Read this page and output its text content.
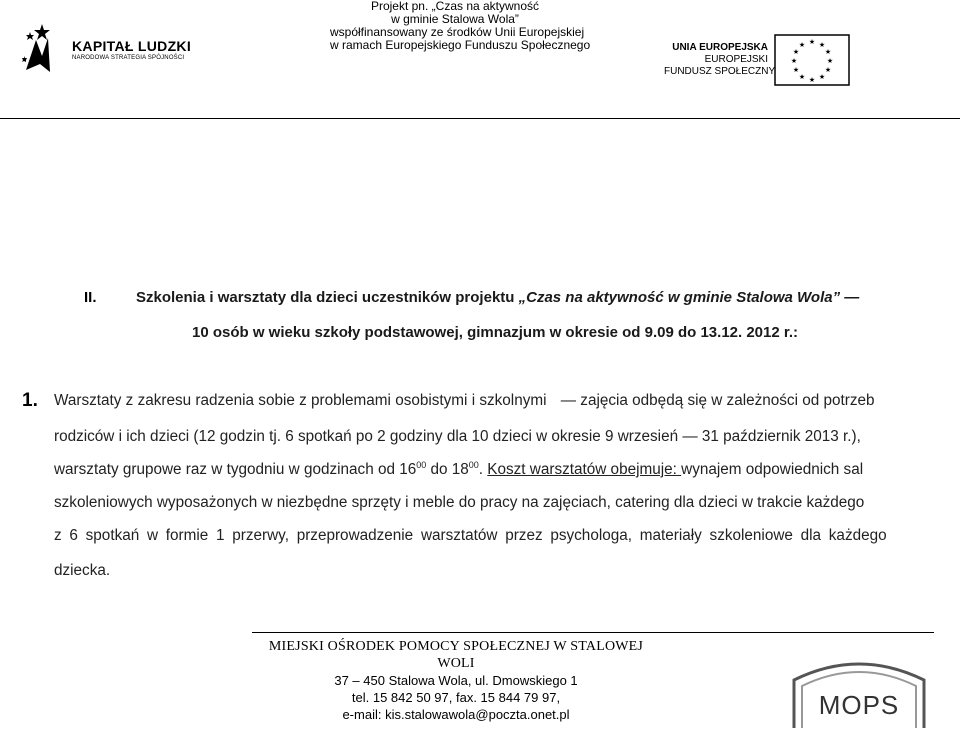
Projekt pn. „Czas na aktywność
w gminie Stalowa Wola”
współfinansowany ze środków Unii Europejskiej
w ramach Europejskiego Funduszu Społecznego
KAPITAŁ LUDZKI
NARODOWA STRATEGIA SPÓJNOŚCI
UNIA EUROPEJSKA
EUROPEJSKI
FUNDUSZ SPOŁECZNY
★ ★
★
★
★
★
★
★
★
★
★
★
II.	Szkolenia i warsztaty dla dzieci uczestników projektu „Czas na aktywność w gminie Stalowa Wola” —
10 osób w wieku szkoły podstawowej, gimnazjum w okresie od 9.09 do 13.12. 2012 r.:
1. Warsztaty z zakresu radzenia sobie z problemami osobistymi i szkolnymi — zajęcia odbędą się w zależności od potrzeb
rodziców i ich dzieci (12 godzin tj. 6 spotkań po 2 godziny dla 10 dzieci w okresie 9 wrzesień — 31 październik 2013 r.),
warsztaty grupowe raz w tygodniu w godzinach od $16^{00}$ do $18^{00}$. Koszt warsztatów obejmuje: wynajem odpowiednich sal
szkoleniowych wyposażonych w niezbędne sprzęty i meble do pracy na zajęciach, catering dla dzieci w trakcie każdego
z 6 spotkań w formie 1 przerwy, przeprowadzenie warsztatów przez psychologa, materiały szkoleniowe dla każdego
dziecka.
MIEJSKI OŚRODEK POMOCY SPOŁECZNEJ W STALOWEJ WOLI
37 – 450 Stalowa Wola, ul. Dmowskiego 1
tel. 15 842 50 97, fax. 15 844 79 97,
e-mail: kis.stalowawola@poczta.onet.pl	MOPS
